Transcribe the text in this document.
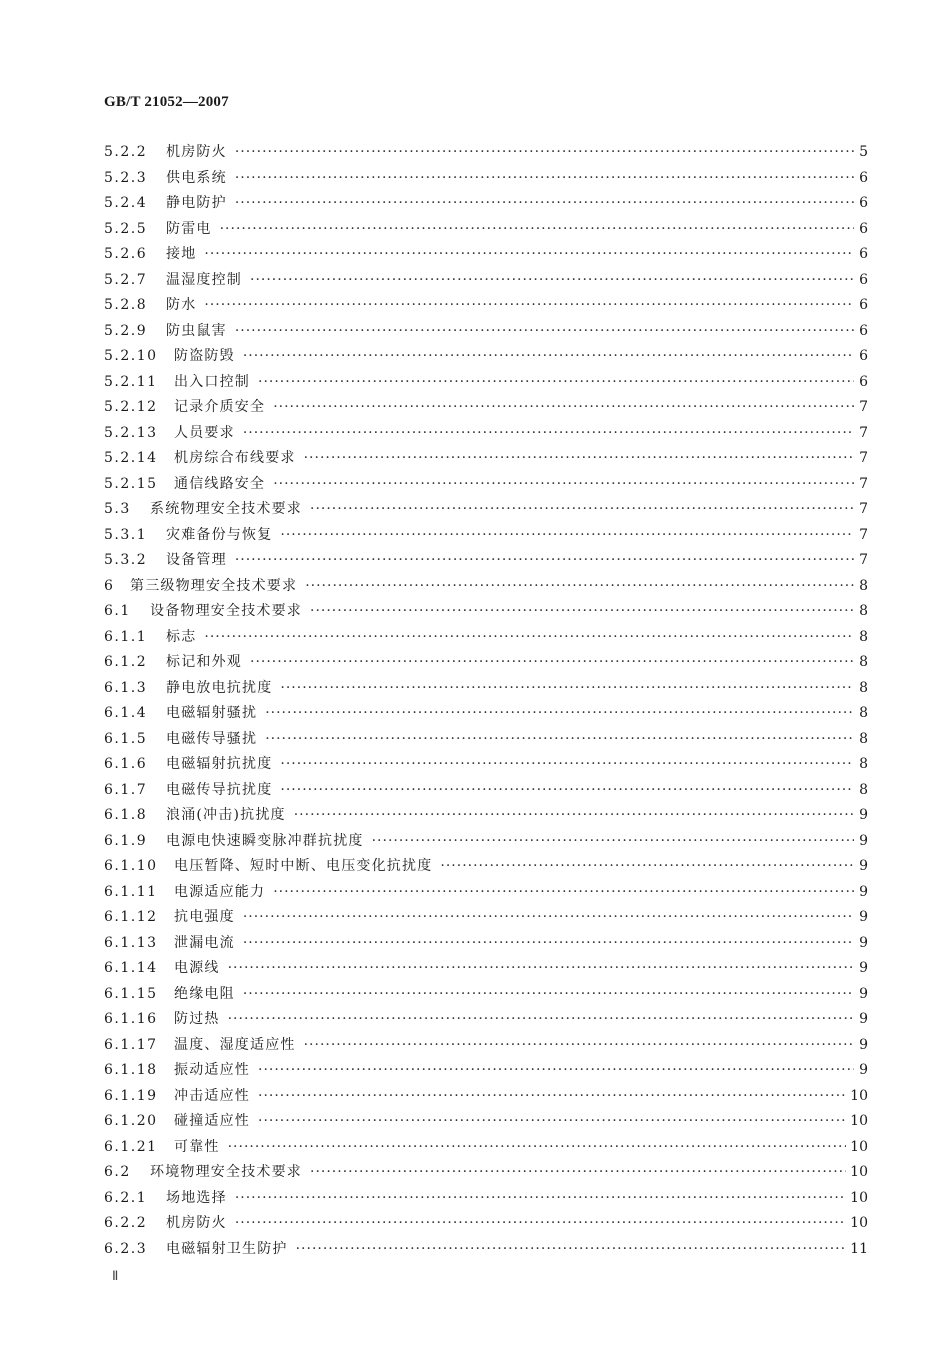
GB/T 21052—2007
5.2.2	机房防火 ·····	5
5.2.3	供电系统 ·····	6
5.2.4	静电防护 ·····	6
5.2.5	防雷电 ·····	6
5.2.6	接地 ·····	6
5.2.7	温湿度控制 ·····	6
5.2.8	防水 ·····	6
5.2.9	防虫鼠害 ·····	6
5.2.10	防盗防毁 ·····	6
5.2.11	出入口控制 ·····	6
5.2.12	记录介质安全 ·····	7
5.2.13	人员要求 ·····	7
5.2.14	机房综合布线要求 ·····	7
5.2.15	通信线路安全 ·····	7
5.3	系统物理安全技术要求 ·····	7
5.3.1	灾难备份与恢复 ·····	7
5.3.2	设备管理 ·····	7
6	第三级物理安全技术要求 ·····	8
6.1	设备物理安全技术要求 ·····	8
6.1.1	标志 ·····	8
6.1.2	标记和外观 ·····	8
6.1.3	静电放电抗扰度 ·····	8
6.1.4	电磁辐射骚扰 ·····	8
6.1.5	电磁传导骚扰 ·····	8
6.1.6	电磁辐射抗扰度 ·····	8
6.1.7	电磁传导抗扰度 ·····	8
6.1.8	浪涌(冲击)抗扰度 ·····	9
6.1.9	电源电快速瞬变脉冲群抗扰度 ·····	9
6.1.10	电压暂降、短时中断、电压变化抗扰度 ·····	9
6.1.11	电源适应能力 ·····	9
6.1.12	抗电强度 ·····	9
6.1.13	泄漏电流 ·····	9
6.1.14	电源线 ·····	9
6.1.15	绝缘电阻 ·····	9
6.1.16	防过热 ·····	9
6.1.17	温度、湿度适应性 ·····	9
6.1.18	振动适应性 ·····	9
6.1.19	冲击适应性 ·····	10
6.1.20	碰撞适应性 ·····	10
6.1.21	可靠性 ·····	10
6.2	环境物理安全技术要求 ·····	10
6.2.1	场地选择 ·····	10
6.2.2	机房防火 ·····	10
6.2.3	电磁辐射卫生防护 ·····	11
Ⅱ
